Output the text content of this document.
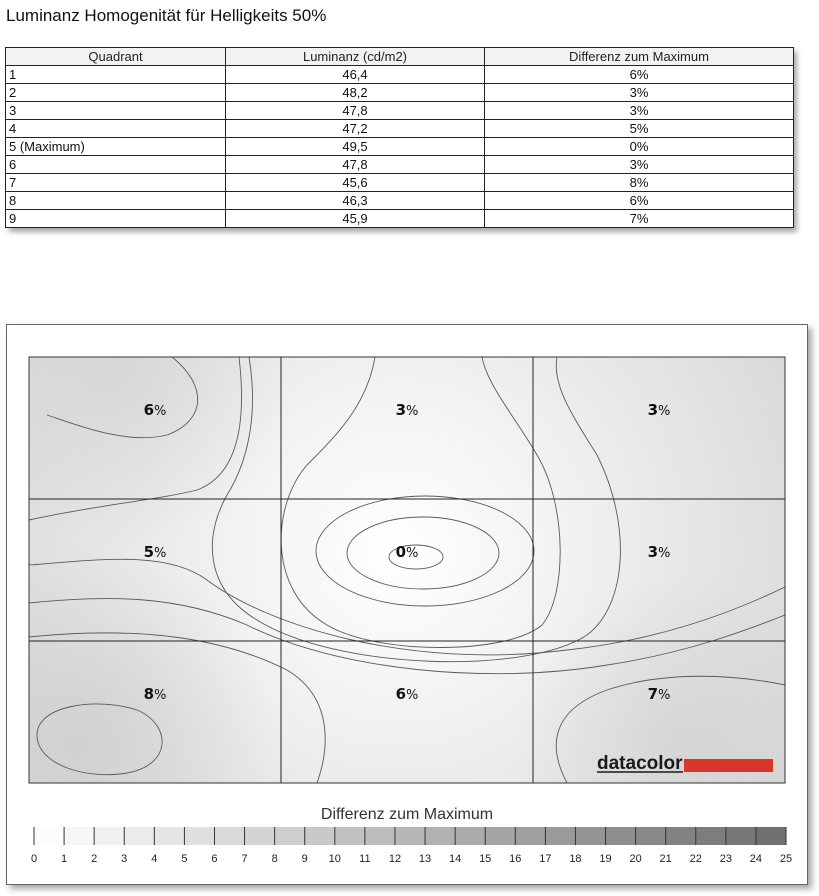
Luminanz Homogenität für Helligkeits 50%
Quadrant	Luminanz (cd/m2)	Differenz zum Maximum
1	46,4	6%
2	48,2	3%
3	47,8	3%
4	47,2	5%
5 (Maximum)	49,5	0%
6	47,8	3%
7	45,6	8%
8	46,3	6%
9	45,9	7%
6%	3%	3%
5%	0%	3%
8%	6%	7%
datacolor
Differenz zum Maximum
0 1 2 3 4 5 6 7 8 9 10 11 12 13 14 15 16 17 18 19 20 21 22 23 24 25
